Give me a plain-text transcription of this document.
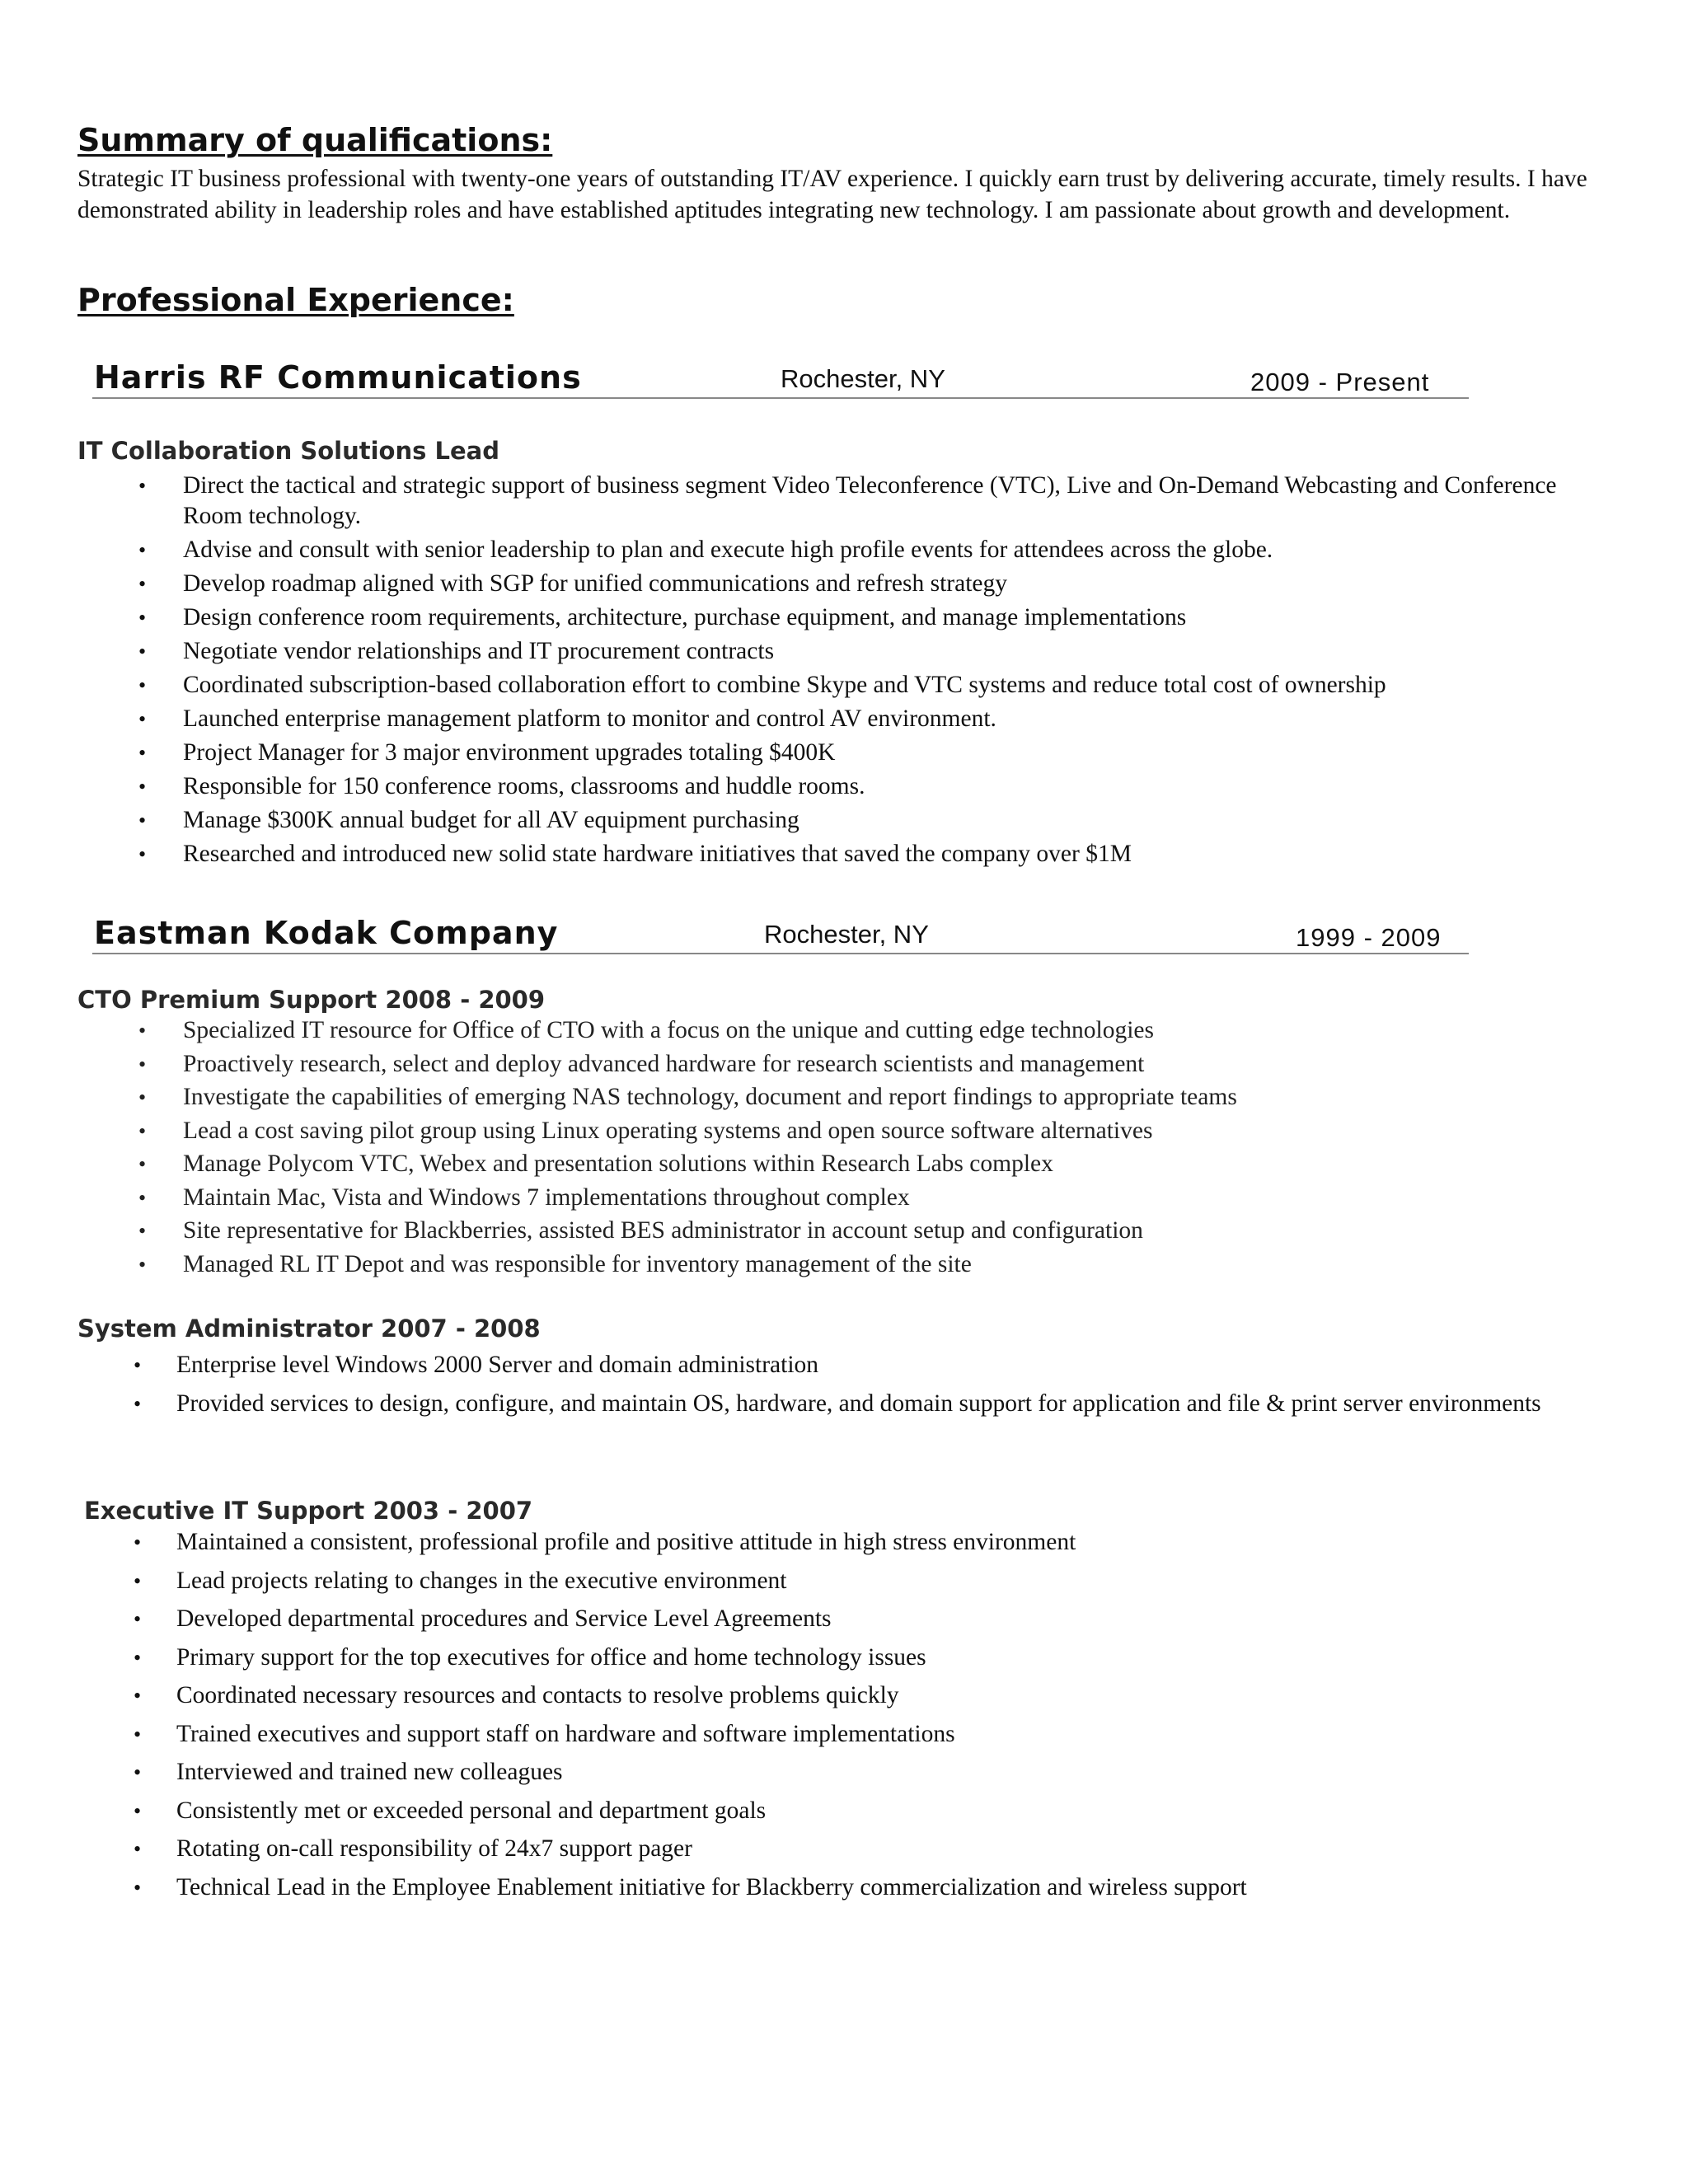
Summary of qualifications:

Strategic IT business professional with twenty-one years of outstanding IT/AV experience. I quickly earn trust by delivering accurate, timely results. I have demonstrated ability in leadership roles and have established aptitudes integrating new technology. I am passionate about growth and development.

Professional Experience:
Harris RF Communications	Rochester, NY	2009 - Present
IT Collaboration Solutions Lead
• Direct the tactical and strategic support of business segment Video Teleconference (VTC), Live and On-Demand Webcasting and Conference Room technology.
• Advise and consult with senior leadership to plan and execute high profile events for attendees across the globe.
• Develop roadmap aligned with SGP for unified communications and refresh strategy
• Design conference room requirements, architecture, purchase equipment, and manage implementations
• Negotiate vendor relationships and IT procurement contracts
• Coordinated subscription-based collaboration effort to combine Skype and VTC systems and reduce total cost of ownership
• Launched enterprise management platform to monitor and control AV environment.
• Project Manager for 3 major environment upgrades totaling $400K
• Responsible for 150 conference rooms, classrooms and huddle rooms.
• Manage $300K annual budget for all AV equipment purchasing
• Researched and introduced new solid state hardware initiatives that saved the company over $1M
Eastman Kodak Company	Rochester, NY	1999 - 2009
CTO Premium Support 2008 - 2009
• Specialized IT resource for Office of CTO with a focus on the unique and cutting edge technologies
• Proactively research, select and deploy advanced hardware for research scientists and management
• Investigate the capabilities of emerging NAS technology, document and report findings to appropriate teams
• Lead a cost saving pilot group using Linux operating systems and open source software alternatives
• Manage Polycom VTC, Webex and presentation solutions within Research Labs complex
• Maintain Mac, Vista and Windows 7 implementations throughout complex
• Site representative for Blackberries, assisted BES administrator in account setup and configuration
• Managed RL IT Depot and was responsible for inventory management of the site
System Administrator 2007 - 2008
• Enterprise level Windows 2000 Server and domain administration
• Provided services to design, configure, and maintain OS, hardware, and domain support for application and file & print server environments
Executive IT Support 2003 - 2007
• Maintained a consistent, professional profile and positive attitude in high stress environment
• Lead projects relating to changes in the executive environment
• Developed departmental procedures and Service Level Agreements
• Primary support for the top executives for office and home technology issues
• Coordinated necessary resources and contacts to resolve problems quickly
• Trained executives and support staff on hardware and software implementations
• Interviewed and trained new colleagues
• Consistently met or exceeded personal and department goals
• Rotating on-call responsibility of 24x7 support pager
• Technical Lead in the Employee Enablement initiative for Blackberry commercialization and wireless support
